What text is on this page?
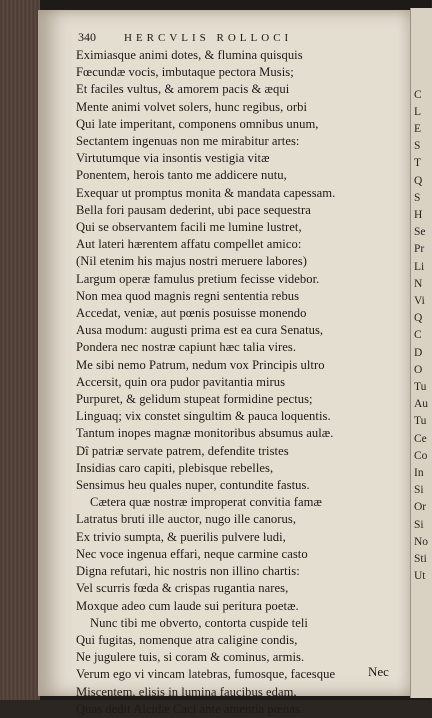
340	HERCVLIS ROLLOCI
Eximiasque animi dotes, & flumina quisquis
Fœcundæ vocis, imbutaque pectora Musis;
Et faciles vultus, & amorem pacis & æqui
Mente animi volvet solers, hunc regibus, orbi
Qui late imperitant, componens omnibus unum,
Sectantem ingenuas non me mirabitur artes:
Virtutumque via insontis vestigia vitæ
Ponentem, herois tanto me addicere nutu,
Exequar ut promptus monita & mandata capessam.
Bella fori pausam dederint, ubi pace sequestra
Qui se observantem facili me lumine lustret,
Aut lateri hærentem affatu compellet amico:
(Nil etenim his majus nostri meruere labores)
Largum operæ famulus pretium fecisse videbor.
Non mea quod magnis regni sententia rebus
Accedat, veniæ, aut pœnis posuisse monendo
Ausa modum: augusti prima est ea cura Senatus,
Pondera nec nostræ capiunt hæc talia vires.
Me sibi nemo Patrum, nedum vox Principis ultro
Accersit, quin ora pudor pavitantia mirus
Purpuret, & gelidum stupeat formidine pectus;
Linguaq; vix constet singultim & pauca loquentis.
Tantum inopes magnæ monitoribus absumus aulæ.
Dî patriæ servate patrem, defendite tristes
Insidias caro capiti, plebisque rebelles,
Sensimus heu quales nuper, contundite fastus.
Cætera quæ nostræ improperat convitia famæ
Latratus bruti ille auctor, nugo ille canorus,
Ex trivio sumpta, & puerilis pulvere ludi,
Nec voce ingenua effari, neque carmine casto
Digna refutari, hic nostris non illino chartis:
Vel scurris fœda & crispas rugantia nares,
Moxque adeo cum laude sui peritura poetæ.
Nunc tibi me obverto, contorta cuspide teli
Qui fugitas, nomenque atra caligine condis,
Ne jugulere tuis, si coram & cominus, armis.
Verum ego vi vincam latebras, fumosque, facesque
Miscentem, elisis in lumina faucibus edam,
Quas dedit Alcidæ Caci ante amentia pœnas.
Nec
C
L
E
S
T
Q
S
H
Se
Pr
Li
N
Vi
Q
C
D
O
Tu
Au
Tu
Ce
Co
In
Si
Or
Si
No
Sti
Ut
